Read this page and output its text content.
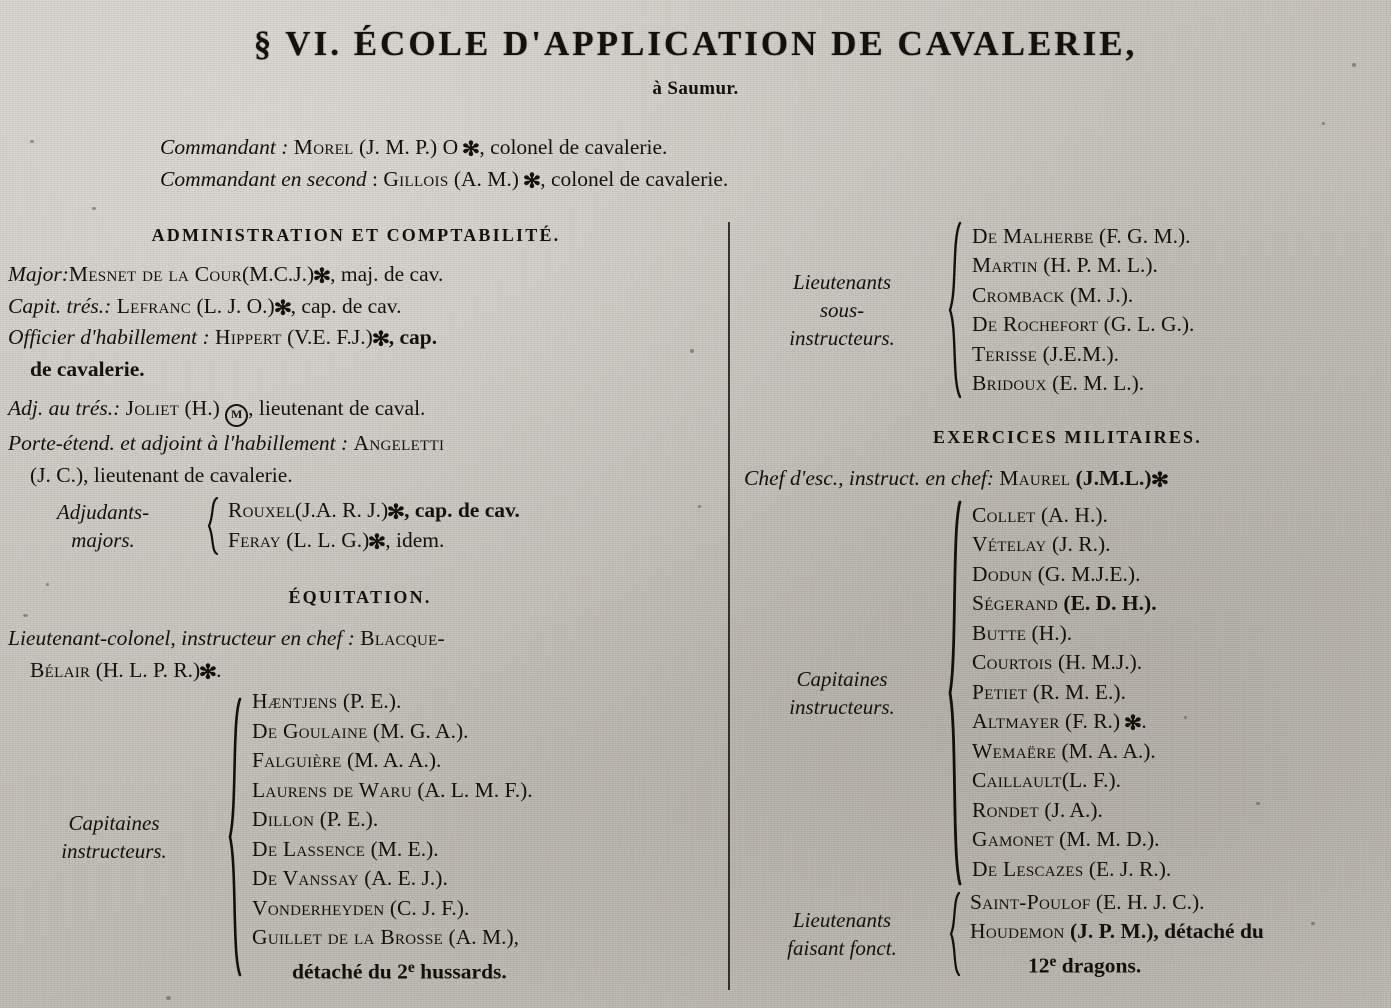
§ VI. ÉCOLE D'APPLICATION DE CAVALERIE,
à Saumur.
Commandant : Morel (J. M. P.) O ✻, colonel de cavalerie.
Commandant en second : Gillois (A. M.) ✻, colonel de cavalerie.
ADMINISTRATION ET COMPTABILITÉ.
Major:Mesnet de la Cour(M.C.J.)✻, maj. de cav.
Capit. trés.: Lefranc (L. J. O.)✻, cap. de cav.
Officier d'habillement : Hippert (V.E. F.J.)✻, cap.
de cavalerie.
Adj. au trés.: Joliet (H.) M , lieutenant de caval.
Porte-étend. et adjoint à l'habillement : Angeletti
(J. C.), lieutenant de cavalerie.
Adjudants-
majors.
Rouxel(J.A. R. J.)✻, cap. de cav.
Feray (L. L. G.)✻, idem.
ÉQUITATION.
Lieutenant-colonel, instructeur en chef : Blacque-
Bélair (H. L. P. R.)✻.
Capitaines
instructeurs.
Hæntjens (P. E.).
De Goulaine (M. G. A.).
Falguière (M. A. A.).
Laurens de Waru (A. L. M. F.).
Dillon (P. E.).
De Lassence (M. E.).
De Vanssay (A. E. J.).
Vonderheyden (C. J. F.).
Guillet de la Brosse (A. M.),
détaché du 2e hussards.
Lieutenants
sous-
instructeurs.
De Malherbe (F. G. M.).
Martin (H. P. M. L.).
Cromback (M. J.).
De Rochefort (G. L. G.).
Terisse (J.E.M.).
Bridoux (E. M. L.).
EXERCICES MILITAIRES.
Chef d'esc., instruct. en chef: Maurel (J.M.L.)✻
Capitaines
instructeurs.
Collet (A. H.).
Vételay (J. R.).
Dodun (G. M.J.E.).
Ségerand (E. D. H.).
Butte (H.).
Courtois (H. M.J.).
Petiet (R. M. E.).
Altmayer (F. R.) ✻.
Wemaëre (M. A. A.).
Caillault(L. F.).
Rondet (J. A.).
Gamonet (M. M. D.).
De Lescazes (E. J. R.).
Lieutenants
faisant fonct.
Saint-Poulof (E. H. J. C.).
Houdemon (J. P. M.), détaché du
12e dragons.
